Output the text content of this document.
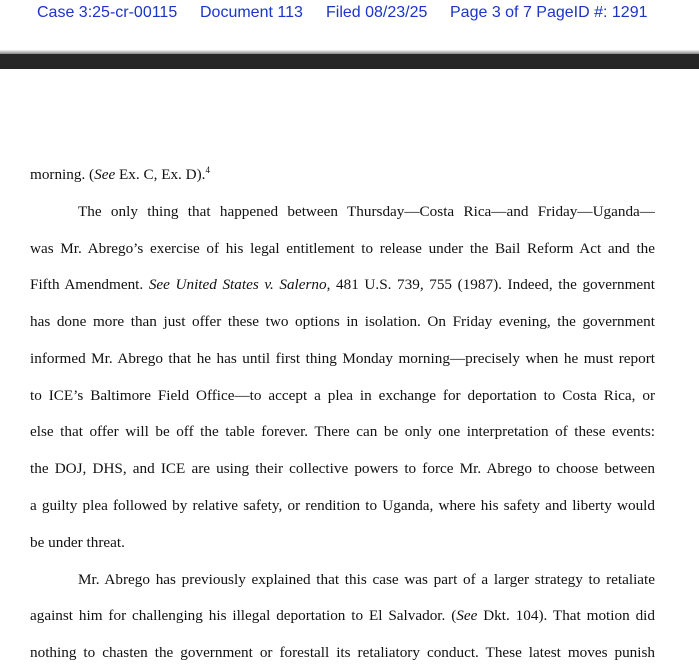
Case 3:25-cr-00115 Document 113 Filed 08/23/25 Page 3 of 7 PageID #: 1291
morning. (See Ex. C, Ex. D).$^4$
The only thing that happened between Thursday—Costa Rica—and Friday—Uganda—
was Mr. Abrego’s exercise of his legal entitlement to release under the Bail Reform Act and the
Fifth Amendment. See United States v. Salerno, 481 U.S. 739, 755 (1987). Indeed, the government
has done more than just offer these two options in isolation. On Friday evening, the government
informed Mr. Abrego that he has until first thing Monday morning—precisely when he must report
to ICE’s Baltimore Field Office—to accept a plea in exchange for deportation to Costa Rica, or
else that offer will be off the table forever. There can be only one interpretation of these events:
the DOJ, DHS, and ICE are using their collective powers to force Mr. Abrego to choose between
a guilty plea followed by relative safety, or rendition to Uganda, where his safety and liberty would
be under threat.
Mr. Abrego has previously explained that this case was part of a larger strategy to retaliate
against him for challenging his illegal deportation to El Salvador. (See Dkt. 104). That motion did
nothing to chasten the government or forestall its retaliatory conduct. These latest moves punish
